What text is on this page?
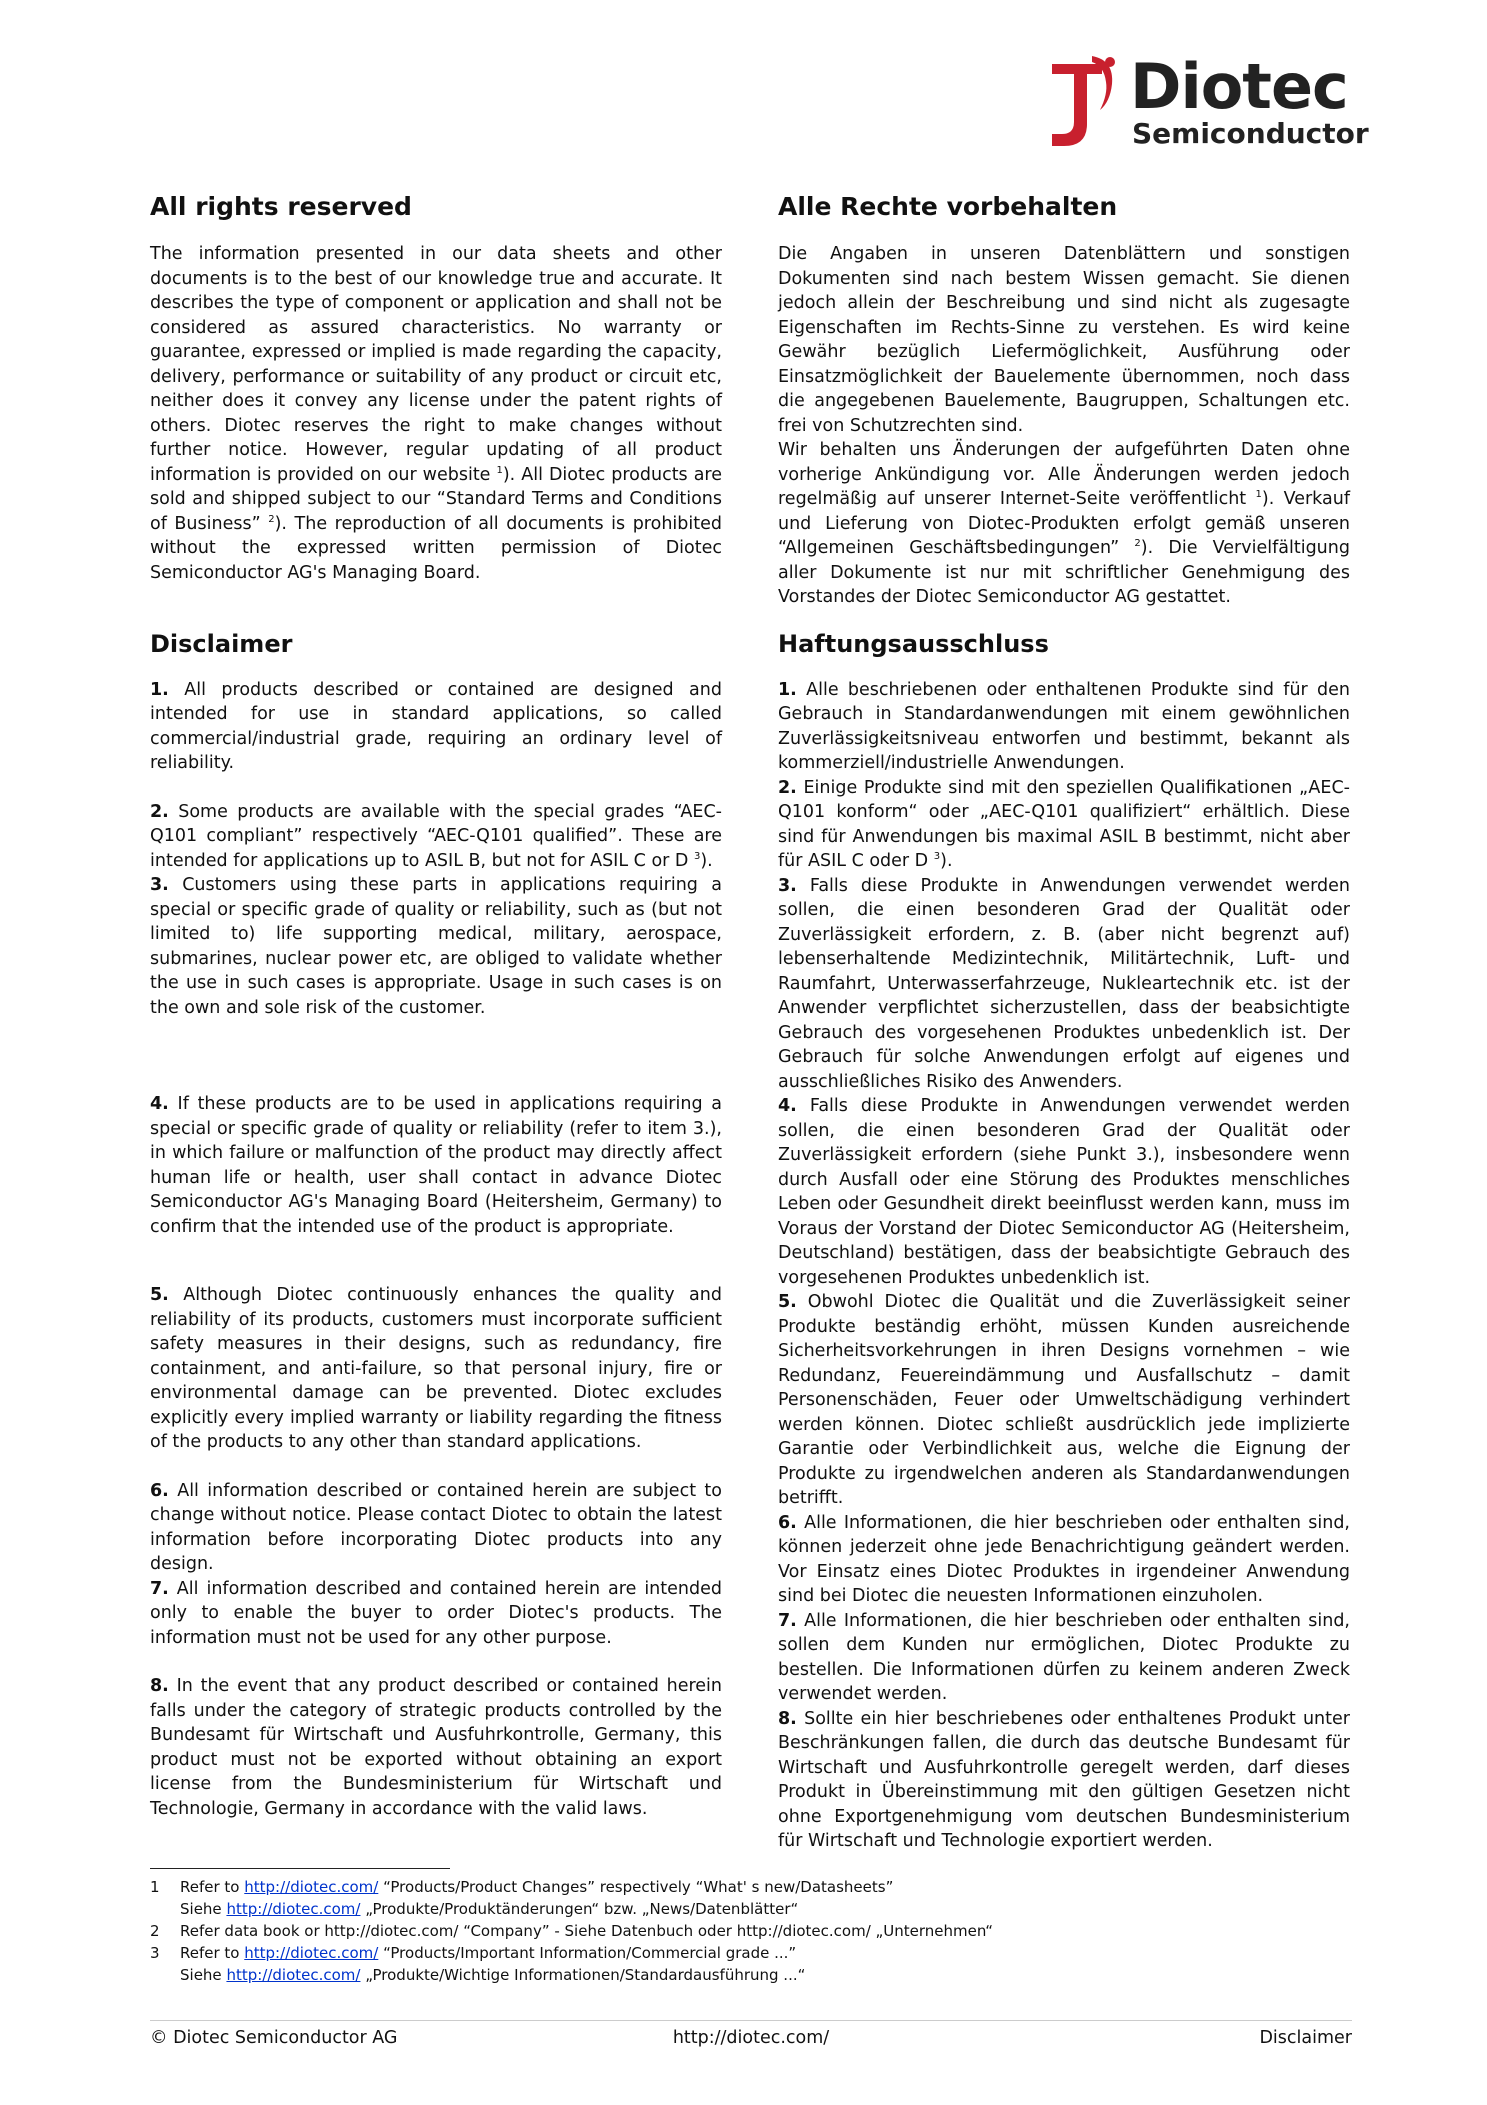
Diotec
Semiconductor
All rights reserved

The information presented in our data sheets and other documents is to the best of our knowledge true and accurate. It describes the type of component or application and shall not be considered as assured characteristics. No warranty or guarantee, expressed or implied is made regarding the capacity, delivery, performance or suitability of any product or circuit etc, neither does it convey any license under the patent rights of others. Diotec reserves the right to make changes without further notice. However, regular updating of all product information is provided on our website $^1$). All Diotec products are sold and shipped subject to our “Standard Terms and Conditions of Business” $^2$). The reproduction of all documents is prohibited without the expressed written permission of Diotec Semiconductor AG's Managing Board.

Disclaimer

1. All products described or contained are designed and intended for use in standard applications, so called commercial/industrial grade, requiring an ordinary level of reliability.

2. Some products are available with the special grades “AEC-Q101 compliant” respectively “AEC-Q101 qualified”. These are intended for applications up to ASIL B, but not for ASIL C or D $^3$).

3. Customers using these parts in applications requiring a special or specific grade of quality or reliability, such as (but not limited to) life supporting medical, military, aerospace, submarines, nuclear power etc, are obliged to validate whether the use in such cases is appropriate. Usage in such cases is on the own and sole risk of the customer.

4. If these products are to be used in applications requiring a special or specific grade of quality or reliability (refer to item 3.), in which failure or malfunction of the product may directly affect human life or health, user shall contact in advance Diotec Semiconductor AG's Managing Board (Heitersheim, Germany) to confirm that the intended use of the product is appropriate.

5. Although Diotec continuously enhances the quality and reliability of its products, customers must incorporate sufficient safety measures in their designs, such as redundancy, fire containment, and anti-failure, so that personal injury, fire or environmental damage can be prevented. Diotec excludes explicitly every implied warranty or liability regarding the fitness of the products to any other than standard applications.

6. All information described or contained herein are subject to change without notice. Please contact Diotec to obtain the latest information before incorporating Diotec products into any design.

7. All information described and contained herein are intended only to enable the buyer to order Diotec's products. The information must not be used for any other purpose.

8. In the event that any product described or contained herein falls under the category of strategic products controlled by the Bundesamt für Wirtschaft und Ausfuhrkontrolle, Germany, this product must not be exported without obtaining an export license from the Bundesministerium für Wirtschaft und Technologie, Germany in accordance with the valid laws.

Alle Rechte vorbehalten

Die Angaben in unseren Datenblättern und sonstigen Dokumenten sind nach bestem Wissen gemacht. Sie dienen jedoch allein der Beschreibung und sind nicht als zugesagte Eigenschaften im Rechts-Sinne zu verstehen. Es wird keine Gewähr bezüglich Liefermöglichkeit, Ausführung oder Einsatzmöglichkeit der Bauelemente übernommen, noch dass die angegebenen Bauelemente, Baugruppen, Schaltungen etc. frei von Schutzrechten sind.

Wir behalten uns Änderungen der aufgeführten Daten ohne vorherige Ankündigung vor. Alle Änderungen werden jedoch regelmäßig auf unserer Internet-Seite veröffentlicht $^1$). Verkauf und Lieferung von Diotec-Produkten erfolgt gemäß unseren “Allgemeinen Geschäftsbedingungen” $^2$). Die Vervielfältigung aller Dokumente ist nur mit schriftlicher Genehmigung des Vorstandes der Diotec Semiconductor AG gestattet.

Haftungsausschluss

1. Alle beschriebenen oder enthaltenen Produkte sind für den Gebrauch in Standardanwendungen mit einem gewöhnlichen Zuverlässigkeitsniveau entworfen und bestimmt, bekannt als kommerziell/industrielle Anwendungen.

2. Einige Produkte sind mit den speziellen Qualifikationen „AEC-Q101 konform“ oder „AEC-Q101 qualifiziert“ erhältlich. Diese sind für Anwendungen bis maximal ASIL B bestimmt, nicht aber für ASIL C oder D $^3$).

3. Falls diese Produkte in Anwendungen verwendet werden sollen, die einen besonderen Grad der Qualität oder Zuverlässigkeit erfordern, z. B. (aber nicht begrenzt auf) lebenserhaltende Medizintechnik, Militärtechnik, Luft- und Raumfahrt, Unterwasserfahrzeuge, Nukleartechnik etc. ist der Anwender verpflichtet sicherzustellen, dass der beabsichtigte Gebrauch des vorgesehenen Produktes unbedenklich ist. Der Gebrauch für solche Anwendungen erfolgt auf eigenes und ausschließliches Risiko des Anwenders.

4. Falls diese Produkte in Anwendungen verwendet werden sollen, die einen besonderen Grad der Qualität oder Zuverlässigkeit erfordern (siehe Punkt 3.), insbesondere wenn durch Ausfall oder eine Störung des Produktes menschliches Leben oder Gesundheit direkt beeinflusst werden kann, muss im Voraus der Vorstand der Diotec Semiconductor AG (Heitersheim, Deutschland) bestätigen, dass der beabsichtigte Gebrauch des vorgesehenen Produktes unbedenklich ist.

5. Obwohl Diotec die Qualität und die Zuverlässigkeit seiner Produkte beständig erhöht, müssen Kunden ausreichende Sicherheitsvorkehrungen in ihren Designs vornehmen – wie Redundanz, Feuereindämmung und Ausfallschutz – damit Personenschäden, Feuer oder Umweltschädigung verhindert werden können. Diotec schließt ausdrücklich jede implizierte Garantie oder Verbindlichkeit aus, welche die Eignung der Produkte zu irgendwelchen anderen als Standardanwendungen betrifft.

6. Alle Informationen, die hier beschrieben oder enthalten sind, können jederzeit ohne jede Benachrichtigung geändert werden. Vor Einsatz eines Diotec Produktes in irgendeiner Anwendung sind bei Diotec die neuesten Informationen einzuholen.

7. Alle Informationen, die hier beschrieben oder enthalten sind, sollen dem Kunden nur ermöglichen, Diotec Produkte zu bestellen. Die Informationen dürfen zu keinem anderen Zweck verwendet werden.

8. Sollte ein hier beschriebenes oder enthaltenes Produkt unter Beschränkungen fallen, die durch das deutsche Bundesamt für Wirtschaft und Ausfuhrkontrolle geregelt werden, darf dieses Produkt in Übereinstimmung mit den gültigen Gesetzen nicht ohne Exportgenehmigung vom deutschen Bundesministerium für Wirtschaft und Technologie exportiert werden.

1	Refer to http://diotec.com/ “Products/Product Changes” respectively “What' s new/Datasheets”
Siehe http://diotec.com/ „Produkte/Produktänderungen“ bzw. „News/Datenblätter“
2	Refer data book or http://diotec.com/ “Company” - Siehe Datenbuch oder http://diotec.com/ „Unternehmen“
3	Refer to http://diotec.com/ “Products/Important Information/Commercial grade ...”
Siehe http://diotec.com/ „Produkte/Wichtige Informationen/Standardausführung ...“
© Diotec Semiconductor AG	http://diotec.com/	Disclaimer
